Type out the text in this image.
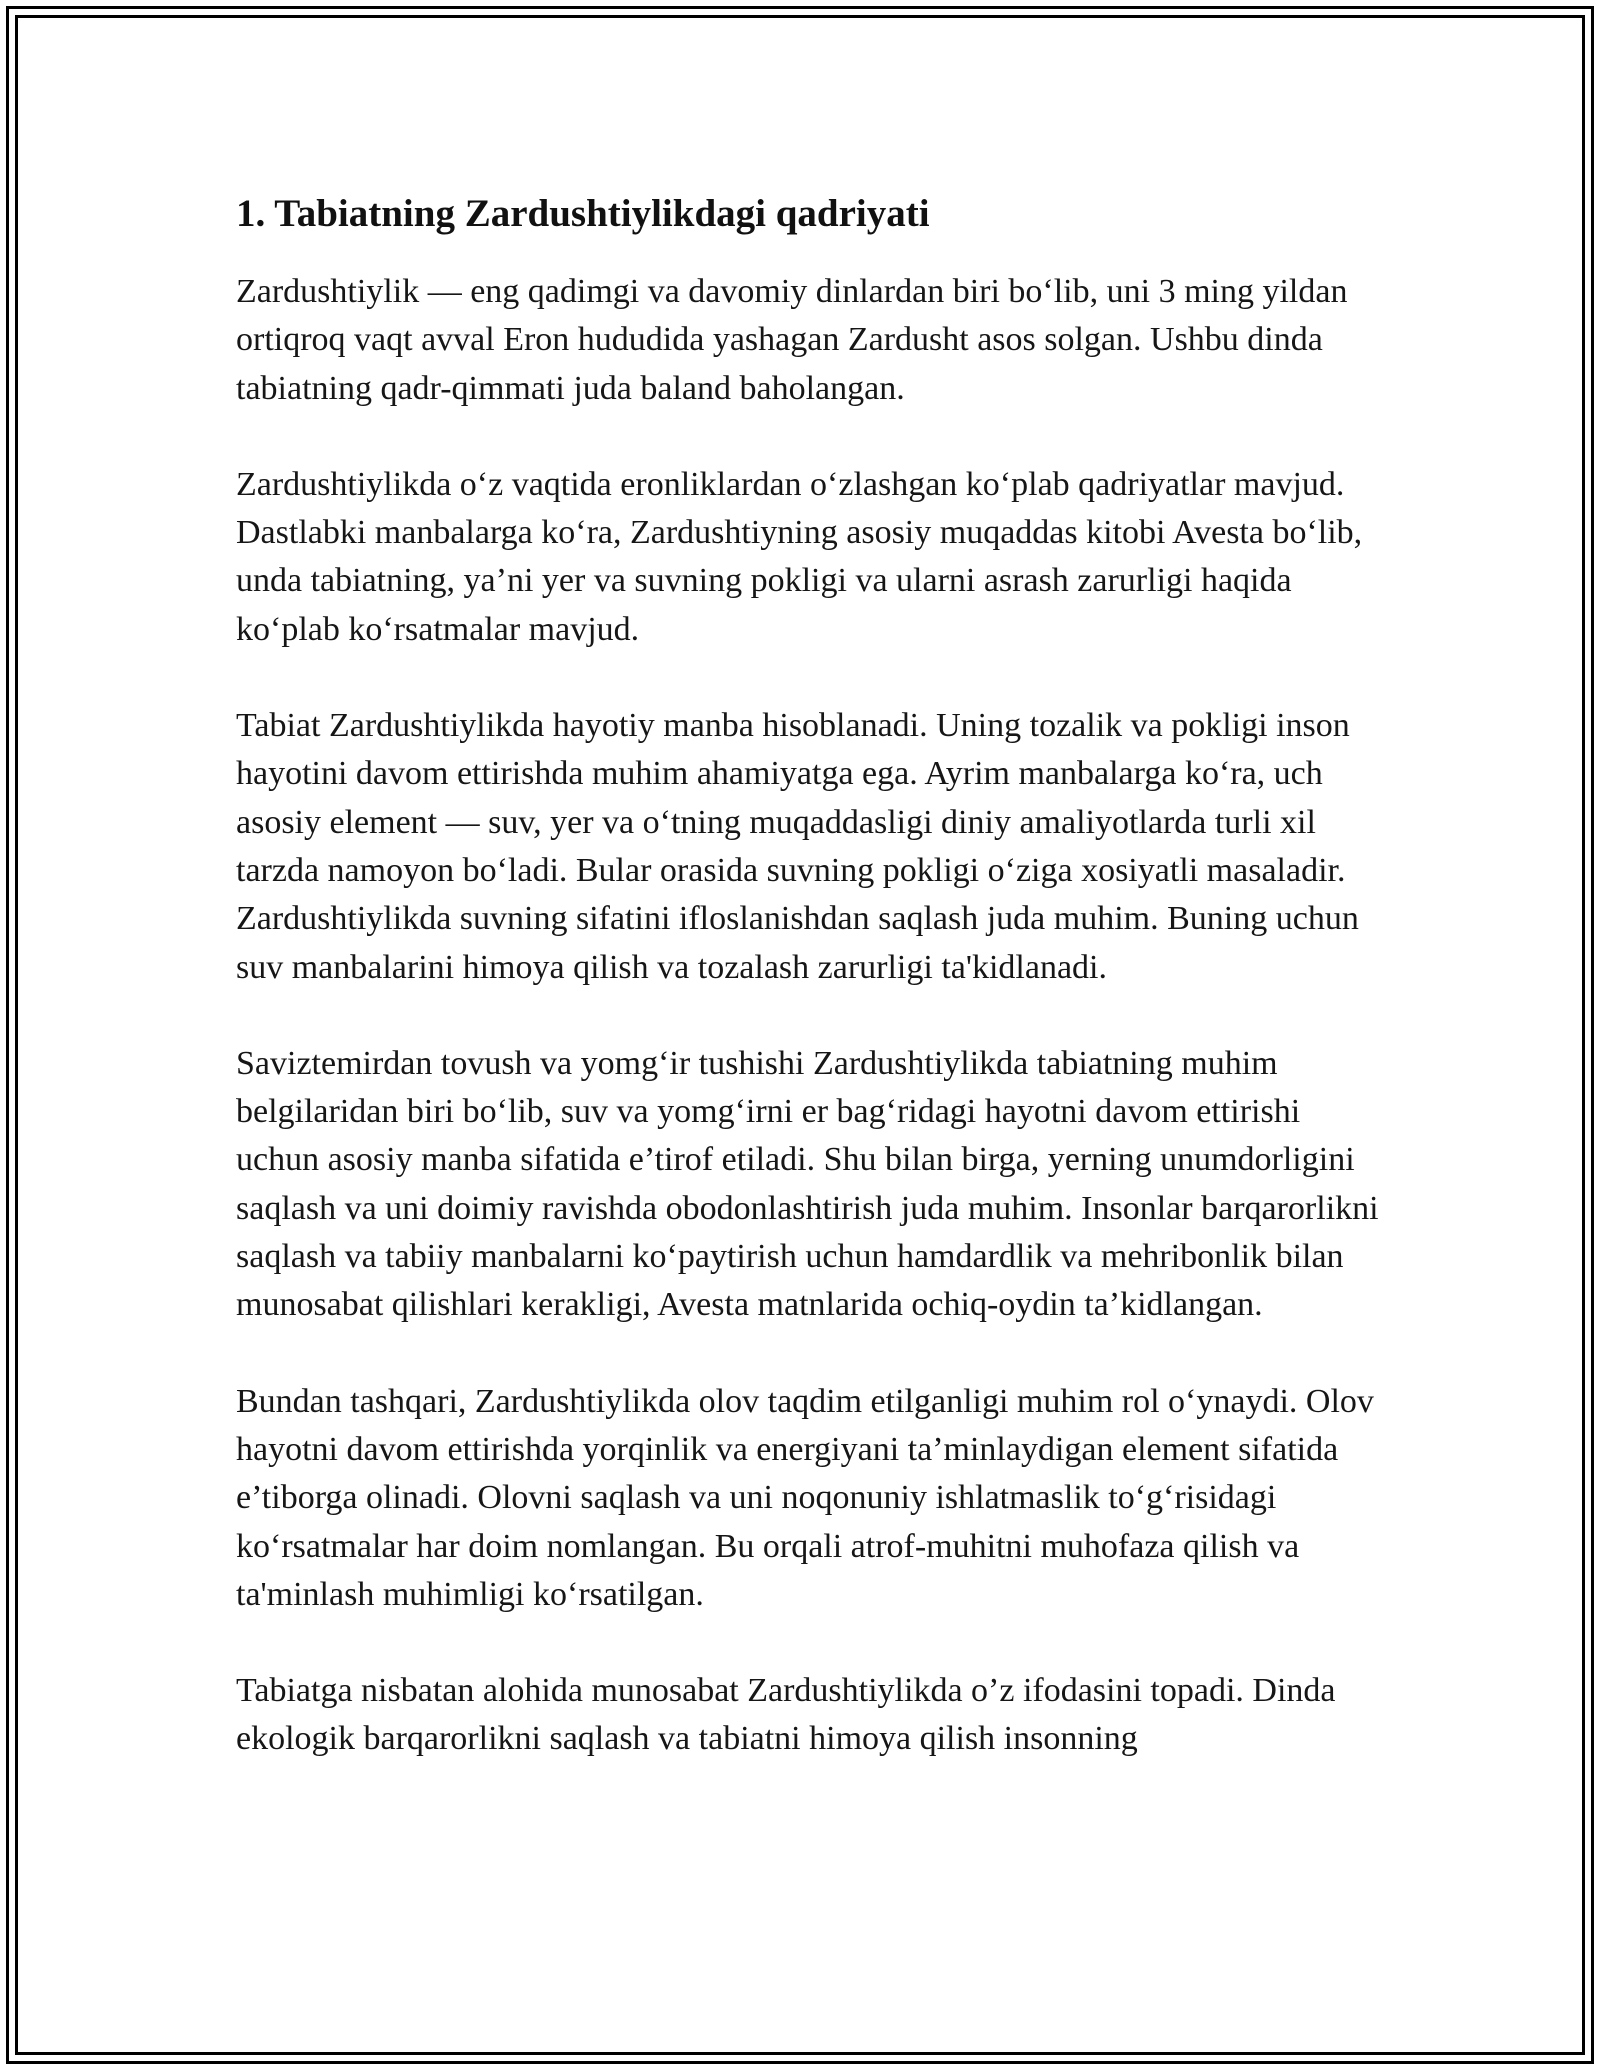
1. Tabiatning Zardushtiylikdagi qadriyati

Zardushtiylik — eng qadimgi va davomiy dinlardan biri bo‘lib, uni 3 ming yildan ortiqroq vaqt avval Eron hududida yashagan Zardusht asos solgan. Ushbu dinda tabiatning qadr-qimmati juda baland baholangan.

Zardushtiylikda o‘z vaqtida eronliklardan o‘zlashgan ko‘plab qadriyatlar mavjud. Dastlabki manbalarga ko‘ra, Zardushtiyning asosiy muqaddas kitobi Avesta bo‘lib, unda tabiatning, ya’ni yer va suvning pokligi va ularni asrash zarurligi haqida ko‘plab ko‘rsatmalar mavjud.

Tabiat Zardushtiylikda hayotiy manba hisoblanadi. Uning tozalik va pokligi inson hayotini davom ettirishda muhim ahamiyatga ega. Ayrim manbalarga ko‘ra, uch asosiy element — suv, yer va o‘tning muqaddasligi diniy amaliyotlarda turli xil tarzda namoyon bo‘ladi. Bular orasida suvning pokligi o‘ziga xosiyatli masaladir. Zardushtiylikda suvning sifatini ifloslanishdan saqlash juda muhim. Buning uchun suv manbalarini himoya qilish va tozalash zarurligi ta'kidlanadi.

Saviztemirdan tovush va yomg‘ir tushishi Zardushtiylikda tabiatning muhim belgilaridan biri bo‘lib, suv va yomg‘irni er bag‘ridagi hayotni davom ettirishi uchun asosiy manba sifatida e’tirof etiladi. Shu bilan birga, yerning unumdorligini saqlash va uni doimiy ravishda obodonlashtirish juda muhim. Insonlar barqarorlikni saqlash va tabiiy manbalarni ko‘paytirish uchun hamdardlik va mehribonlik bilan munosabat qilishlari kerakligi, Avesta matnlarida ochiq-oydin ta’kidlangan.

Bundan tashqari, Zardushtiylikda olov taqdim etilganligi muhim rol o‘ynaydi. Olov hayotni davom ettirishda yorqinlik va energiyani ta’minlaydigan element sifatida e’tiborga olinadi. Olovni saqlash va uni noqonuniy ishlatmaslik to‘g‘risidagi ko‘rsatmalar har doim nomlangan. Bu orqali atrof-muhitni muhofaza qilish va ta'minlash muhimligi ko‘rsatilgan.

Tabiatga nisbatan alohida munosabat Zardushtiylikda o’z ifodasini topadi. Dinda ekologik barqarorlikni saqlash va tabiatni himoya qilish insonning
